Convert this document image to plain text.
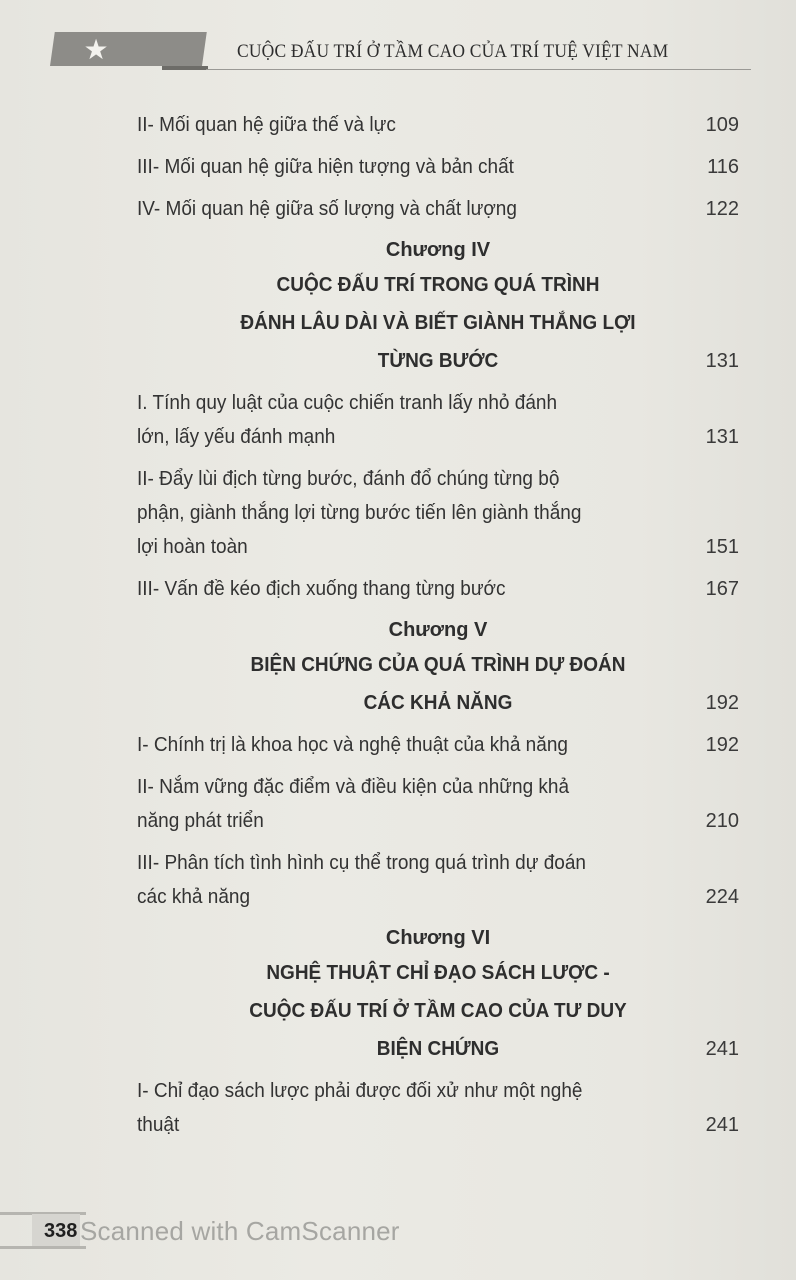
★	CUỘC ĐẤU TRÍ Ở TẦM CAO CỦA TRÍ TUỆ VIỆT NAM
II- Mối quan hệ giữa thế và lực	109
III- Mối quan hệ giữa hiện tượng và bản chất	116
IV- Mối quan hệ giữa số lượng và chất lượng	122
Chương IV
CUỘC ĐẤU TRÍ TRONG QUÁ TRÌNH
ĐÁNH LÂU DÀI VÀ BIẾT GIÀNH THẮNG LỢI
TỪNG BƯỚC	131
I. Tính quy luật của cuộc chiến tranh lấy nhỏ đánh
lớn, lấy yếu đánh mạnh	131
II- Đẩy lùi địch từng bước, đánh đổ chúng từng bộ
phận, giành thắng lợi từng bước tiến lên giành thắng
lợi hoàn toàn	151
III- Vấn đề kéo địch xuống thang từng bước	167
Chương V
BIỆN CHỨNG CỦA QUÁ TRÌNH DỰ ĐOÁN
CÁC KHẢ NĂNG	192
I- Chính trị là khoa học và nghệ thuật của khả năng	192
II- Nắm vững đặc điểm và điều kiện của những khả
năng phát triển	210
III- Phân tích tình hình cụ thể trong quá trình dự đoán
các khả năng	224
Chương VI
NGHỆ THUẬT CHỈ ĐẠO SÁCH LƯỢC -
CUỘC ĐẤU TRÍ Ở TẦM CAO CỦA TƯ DUY
BIỆN CHỨNG	241
I- Chỉ đạo sách lược phải được đối xử như một nghệ
thuật	241
338 Scanned with CamScanner
